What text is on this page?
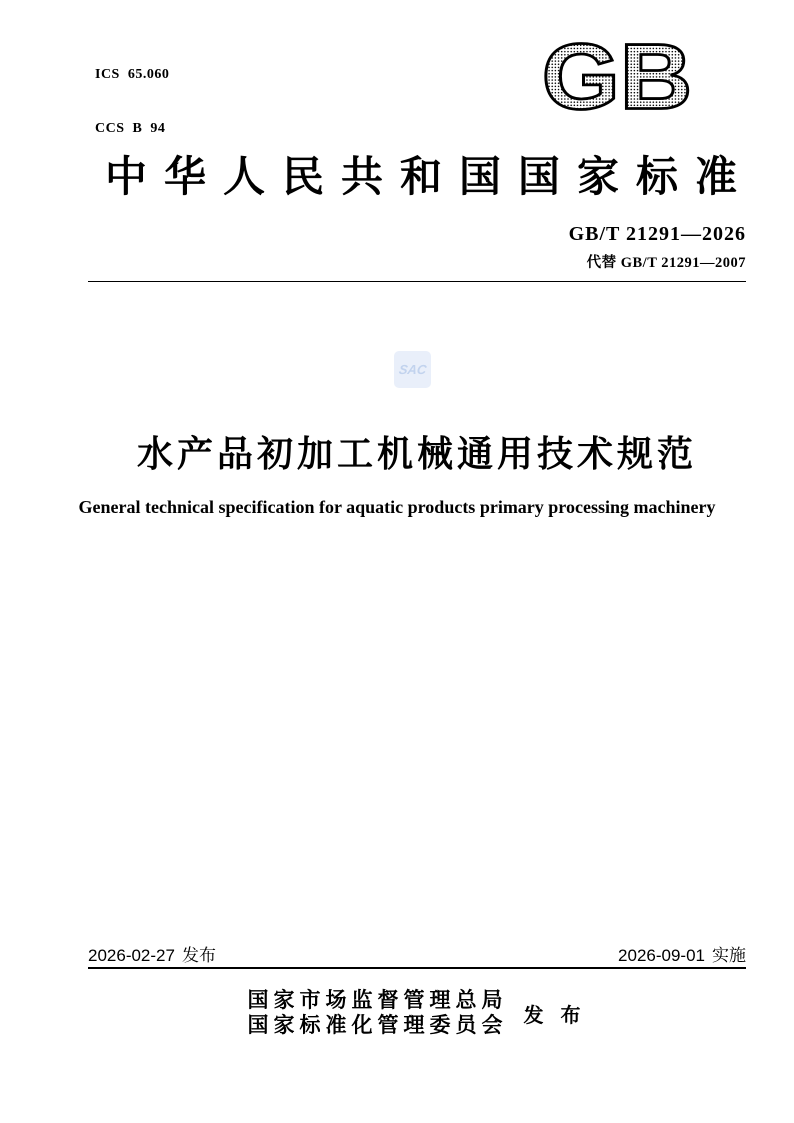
ICS  65.060

CCS  B  94

	GB
中华人民共和国国家标准
GB/T 21291—2026
代替 GB/T 21291—2007
SAC
水产品初加工机械通用技术规范
General technical specification for aquatic products primary processing machinery
2026-02-27 发布	2026-09-01 实施
国家市场监督管理总局
国家标准化管理委员会 发 布
